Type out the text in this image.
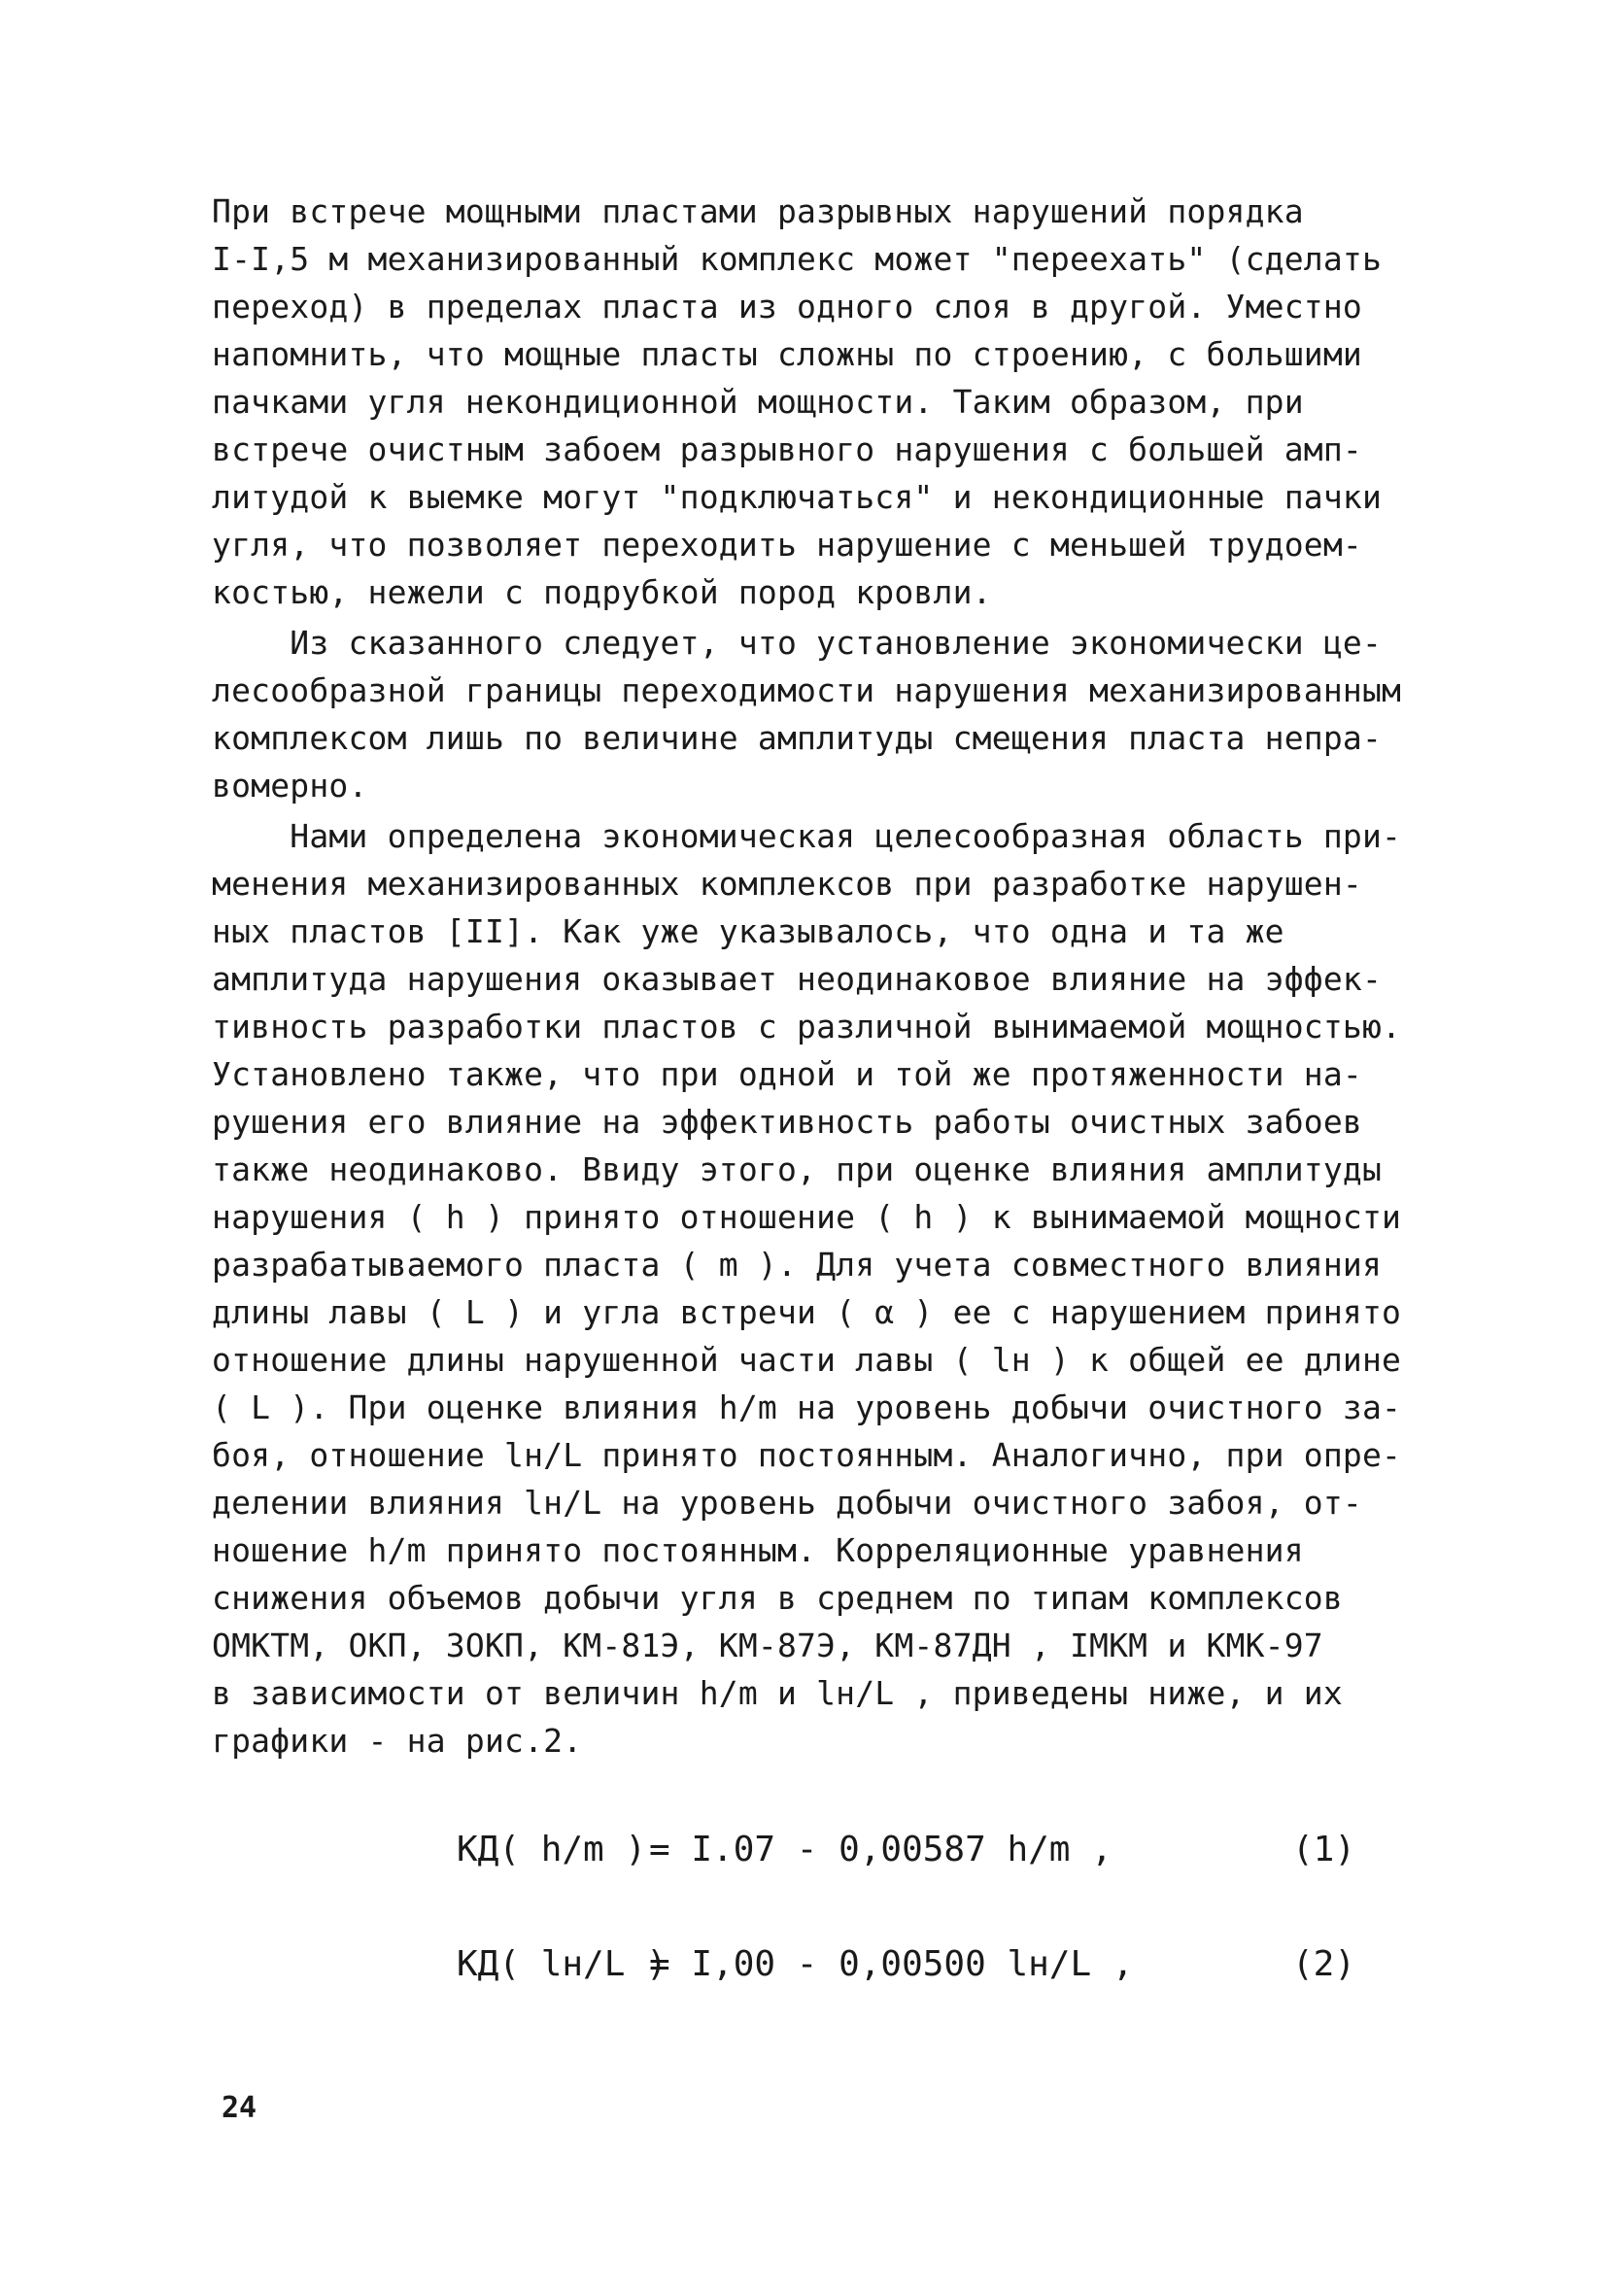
При встрече мощными пластами разрывных нарушений порядка
I-I,5 м механизированный комплекс может "переехать" (сделать
переход) в пределах пласта из одного слоя в другой. Уместно
напомнить, что мощные пласты сложны по строению, с большими
пачками угля некондиционной мощности. Таким образом, при
встрече очистным забоем разрывного нарушения с большей амп-
литудой к выемке могут "подключаться" и некондиционные пачки
угля, что позволяет переходить нарушение с меньшей трудоем-
костью, нежели с подрубкой пород кровли.
Из сказанного следует, что установление экономически це-
лесообразной границы переходимости нарушения механизированным
комплексом лишь по величине амплитуды смещения пласта непра-
вомерно.
Нами определена экономическая целесообразная область при-
менения механизированных комплексов при разработке нарушен-
ных пластов [II]. Как уже указывалось, что одна и та же
амплитуда нарушения оказывает неодинаковое влияние на эффек-
тивность разработки пластов с различной вынимаемой мощностью.
Установлено также, что при одной и той же протяженности на-
рушения его влияние на эффективность работы очистных забоев
также неодинаково. Ввиду этого, при оценке влияния амплитуды
нарушения ( h ) принято отношение ( h ) к вынимаемой мощности
разрабатываемого пласта ( m ). Для учета совместного влияния
длины лавы ( L ) и угла встречи ( α ) ее с нарушением принято
отношение длины нарушенной части лавы ( lн ) к общей ее длине
( L ). При оценке влияния h/m на уровень добычи очистного за-
боя, отношение lн/L принято постоянным. Аналогично, при опре-
делении влияния lн/L на уровень добычи очистного забоя, от-
ношение h/m принято постоянным. Корреляционные уравнения
снижения объемов добычи угля в среднем по типам комплексов
ОМКТМ, ОКП, 3ОКП, КМ-81Э, КМ-87Э, КМ-87ДН , IМКМ и КМК-97
в зависимости от величин h/m и lн/L , приведены ниже, и их
графики - на рис.2.
КД( h/m ) = I.07 - 0,00587 h/m ,	(1)
КД( lн/L )
= I,00 - 0,00500 lн/L ,	(2)
24
